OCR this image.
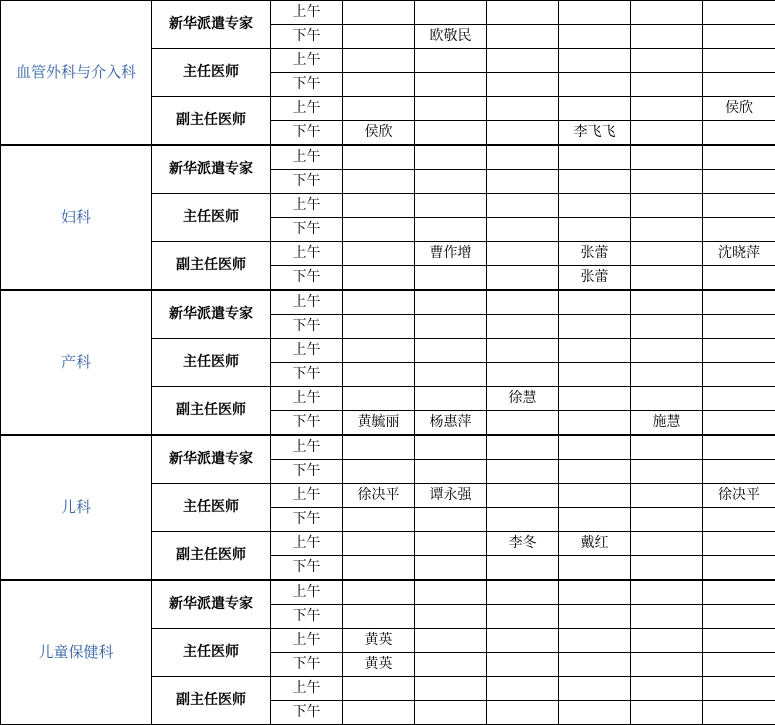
血管外科与介入科	新华派遣专家	上午						
		下午		欧敬民				
	主任医师	上午						
		下午						
	副主任医师	上午						侯欣
		下午	侯欣			李飞飞		
妇科	新华派遣专家	上午						
		下午						
	主任医师	上午						
		下午						
	副主任医师	上午		曹作增		张蕾		沈晓萍
		下午				张蕾		
产科	新华派遣专家	上午						
		下午						
	主任医师	上午						
		下午						
	副主任医师	上午			徐慧			
		下午	黄毓丽	杨惠萍			施慧	
儿科	新华派遣专家	上午						
		下午						
	主任医师	上午	徐决平	谭永强				徐决平
		下午						
	副主任医师	上午			李冬	戴红		
		下午						
儿童保健科	新华派遣专家	上午						
		下午						
	主任医师	上午	黄英					
		下午	黄英					
	副主任医师	上午						
		下午						
